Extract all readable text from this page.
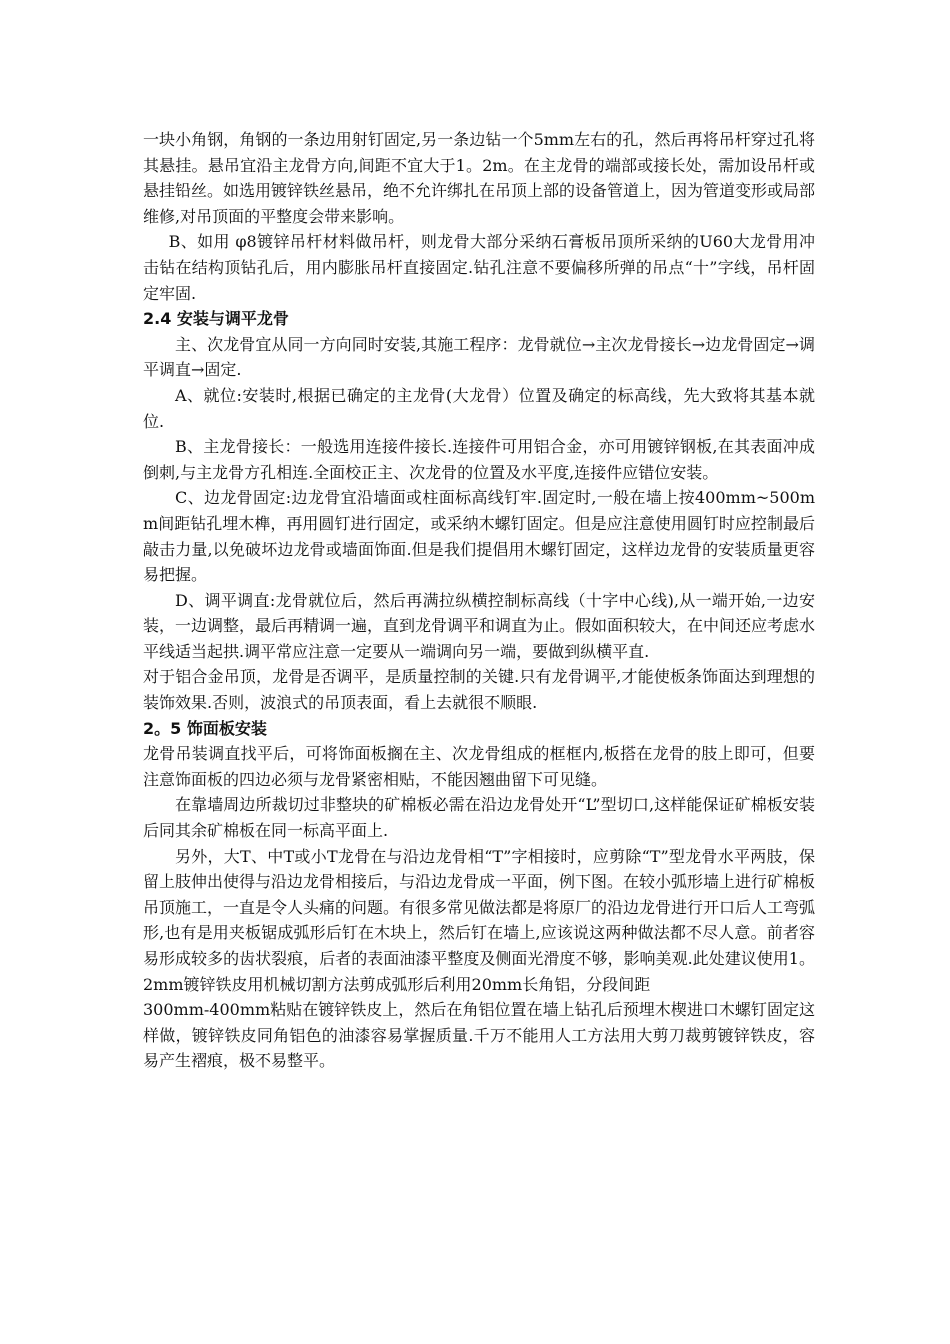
一块小角钢，角钢的一条边用射钉固定,另一条边钻一个5mm左右的孔，然后再将吊杆穿过孔将其悬挂。悬吊宜沿主龙骨方向,间距不宜大于1。2m。在主龙骨的端部或接长处，需加设吊杆或悬挂铅丝。如选用镀锌铁丝悬吊，绝不允许绑扎在吊顶上部的设备管道上，因为管道变形或局部维修,对吊顶面的平整度会带来影响。

B、如用 φ8镀锌吊杆材料做吊杆，则龙骨大部分采纳石膏板吊顶所采纳的U60大龙骨用冲击钻在结构顶钻孔后，用内膨胀吊杆直接固定.钻孔注意不要偏移所弹的吊点“十”字线，吊杆固定牢固.

2.4 安装与调平龙骨

主、次龙骨宜从同一方向同时安装,其施工程序：龙骨就位→主次龙骨接长→边龙骨固定→调平调直→固定.

A、就位:安装时,根据已确定的主龙骨(大龙骨）位置及确定的标高线，先大致将其基本就位.

B、主龙骨接长：一般选用连接件接长.连接件可用铝合金，亦可用镀锌钢板,在其表面冲成倒刺,与主龙骨方孔相连.全面校正主、次龙骨的位置及水平度,连接件应错位安装。

C、边龙骨固定:边龙骨宜沿墙面或柱面标高线钉牢.固定时,一般在墙上按400mm~500mm间距钻孔埋木榫，再用圆钉进行固定，或采纳木螺钉固定。但是应注意使用圆钉时应控制最后敲击力量,以免破坏边龙骨或墙面饰面.但是我们提倡用木螺钉固定，这样边龙骨的安装质量更容易把握。

D、调平调直:龙骨就位后，然后再满拉纵横控制标高线（十字中心线),从一端开始,一边安装，一边调整，最后再精调一遍，直到龙骨调平和调直为止。假如面积较大，在中间还应考虑水平线适当起拱.调平常应注意一定要从一端调向另一端，要做到纵横平直.

对于铝合金吊顶，龙骨是否调平，是质量控制的关键.只有龙骨调平,才能使板条饰面达到理想的装饰效果.否则，波浪式的吊顶表面，看上去就很不顺眼.

2。5 饰面板安装

龙骨吊装调直找平后，可将饰面板搁在主、次龙骨组成的框框内,板搭在龙骨的肢上即可，但要注意饰面板的四边必须与龙骨紧密相贴，不能因翘曲留下可见缝。

在靠墙周边所裁切过非整块的矿棉板必需在沿边龙骨处开“L”型切口,这样能保证矿棉板安装后同其余矿棉板在同一标高平面上.

另外，大T、中T或小T龙骨在与沿边龙骨相“T”字相接时，应剪除“T”型龙骨水平两肢，保留上肢伸出使得与沿边龙骨相接后，与沿边龙骨成一平面，例下图。在较小弧形墙上进行矿棉板吊顶施工，一直是令人头痛的问题。有很多常见做法都是将原厂的沿边龙骨进行开口后人工弯弧形,也有是用夹板锯成弧形后钉在木块上，然后钉在墙上,应该说这两种做法都不尽人意。前者容易形成较多的齿状裂痕，后者的表面油漆平整度及侧面光滑度不够，影响美观.此处建议使用1。2mm镀锌铁皮用机械切割方法剪成弧形后利用20mm长角铝，分段间距

300mm-400mm粘贴在镀锌铁皮上，然后在角铝位置在墙上钻孔后预埋木楔进口木螺钉固定这样做，镀锌铁皮同角铝色的油漆容易掌握质量.千万不能用人工方法用大剪刀裁剪镀锌铁皮，容易产生褶痕，极不易整平。
